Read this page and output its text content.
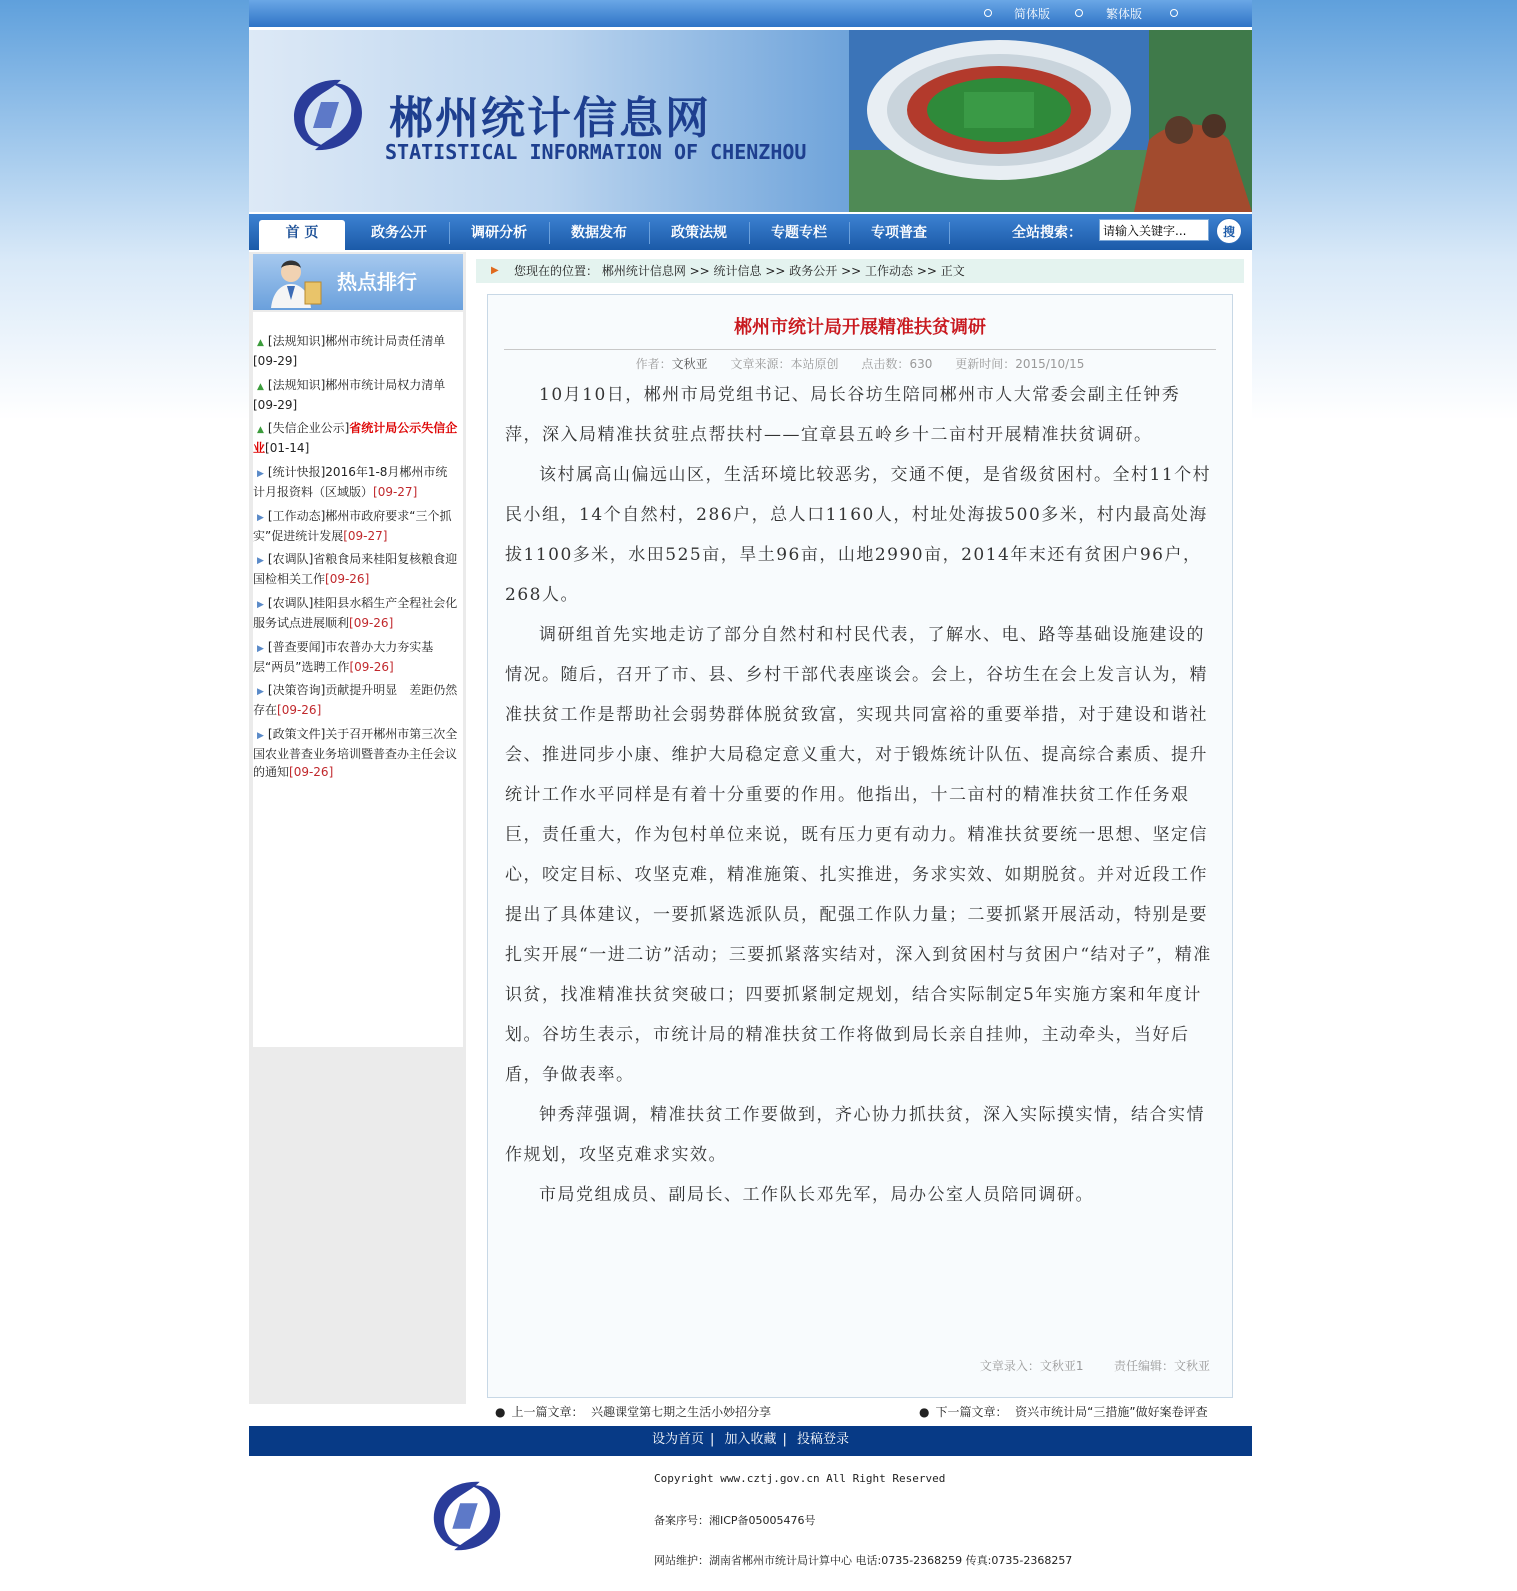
简体版	繁体版
郴州统计信息网
STATISTICAL INFORMATION OF CHENZHOU
首 页	政务公开	调研分析	数据发布	政策法规	专题专栏	专项普查	全站搜索：
请输入关键字...	搜
热点排行
▲ [法规知识]郴州市统计局责任清单
[09-29]
▲ [法规知识]郴州市统计局权力清单
[09-29]
▲ [失信企业公示]省统计局公示失信企业[01-14]
▶ [统计快报]2016年1-8月郴州市统计月报资料（区域版）[09-27]
▶ [工作动态]郴州市政府要求“三个抓实”促进统计发展[09-27]
▶ [农调队]省粮食局来桂阳复核粮食迎国检相关工作[09-26]
▶ [农调队]桂阳县水稻生产全程社会化服务试点进展顺利[09-26]
▶ [普查要闻]市农普办大力夯实基层“两员”选聘工作[09-26]
▶ [决策咨询]贡献提升明显　差距仍然存在[09-26]
▶ [政策文件]关于召开郴州市第三次全国农业普查业务培训暨普查办主任会议的通知[09-26]
▶ 您现在的位置： 郴州统计信息网 >> 统计信息 >> 政务公开 >> 工作动态 >> 正文
郴州市统计局开展精准扶贫调研
作者：文秋亚 文章来源：本站原创 点击数：630 更新时间：2015/10/15

10月10日，郴州市局党组书记、局长谷坊生陪同郴州市人大常委会副主任钟秀萍，深入局精准扶贫驻点帮扶村——宜章县五岭乡十二亩村开展精准扶贫调研。

该村属高山偏远山区，生活环境比较恶劣，交通不便，是省级贫困村。全村11个村民小组，14个自然村，286户，总人口1160人，村址处海拔500多米，村内最高处海拔1100多米，水田525亩，旱土96亩，山地2990亩，2014年末还有贫困户96户，268人。

调研组首先实地走访了部分自然村和村民代表，了解水、电、路等基础设施建设的情况。随后，召开了市、县、乡村干部代表座谈会。会上，谷坊生在会上发言认为，精准扶贫工作是帮助社会弱势群体脱贫致富，实现共同富裕的重要举措，对于建设和谐社会、推进同步小康、维护大局稳定意义重大，对于锻炼统计队伍、提高综合素质、提升统计工作水平同样是有着十分重要的作用。他指出，十二亩村的精准扶贫工作任务艰巨，责任重大，作为包村单位来说，既有压力更有动力。精准扶贫要统一思想、坚定信心，咬定目标、攻坚克难，精准施策、扎实推进，务求实效、如期脱贫。并对近段工作提出了具体建议，一要抓紧选派队员，配强工作队力量；二要抓紧开展活动，特别是要扎实开展“一进二访”活动；三要抓紧落实结对，深入到贫困村与贫困户“结对子”，精准识贫，找准精准扶贫突破口；四要抓紧制定规划，结合实际制定5年实施方案和年度计划。谷坊生表示，市统计局的精准扶贫工作将做到局长亲自挂帅，主动牵头，当好后盾，争做表率。

钟秀萍强调，精准扶贫工作要做到，齐心协力抓扶贫，深入实际摸实情，结合实情作规划，攻坚克难求实效。

市局党组成员、副局长、工作队长邓先军，局办公室人员陪同调研。

文章录入：文秋亚1	责任编辑：文秋亚
● 上一篇文章： 兴趣课堂第七期之生活小妙招分享	● 下一篇文章： 资兴市统计局“三措施”做好案卷评查
设为首页 | 加入收藏 | 投稿登录
Copyright www.cztj.gov.cn All Right Reserved
备案序号：湘ICP备05005476号
网站维护：湖南省郴州市统计局计算中心 电话:0735-2368259 传真:0735-2368257
